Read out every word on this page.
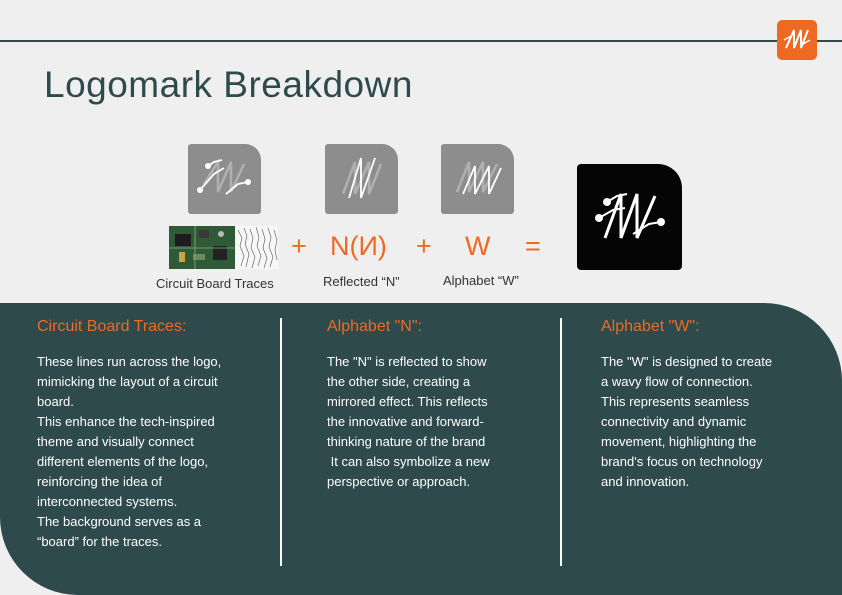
Logomark Breakdown
+ N(И) + W =
Circuit Board Traces	Reflected “N”	Alphabet “W”
Circuit Board Traces:
These lines run across the logo,
mimicking the layout of a circuit
board.
This enhance the tech-inspired
theme and visually connect
different elements of the logo,
reinforcing the idea of
interconnected systems.
The background serves as a
“board” for the traces.
Alphabet "N":
The "N" is reflected to show
the other side, creating a
mirrored effect. This reflects
the innovative and forward-
thinking nature of the brand
It can also symbolize a new
perspective or approach.
Alphabet "W":
The "W" is designed to create
a wavy flow of connection.
This represents seamless
connectivity and dynamic
movement, highlighting the
brand's focus on technology
and innovation.
